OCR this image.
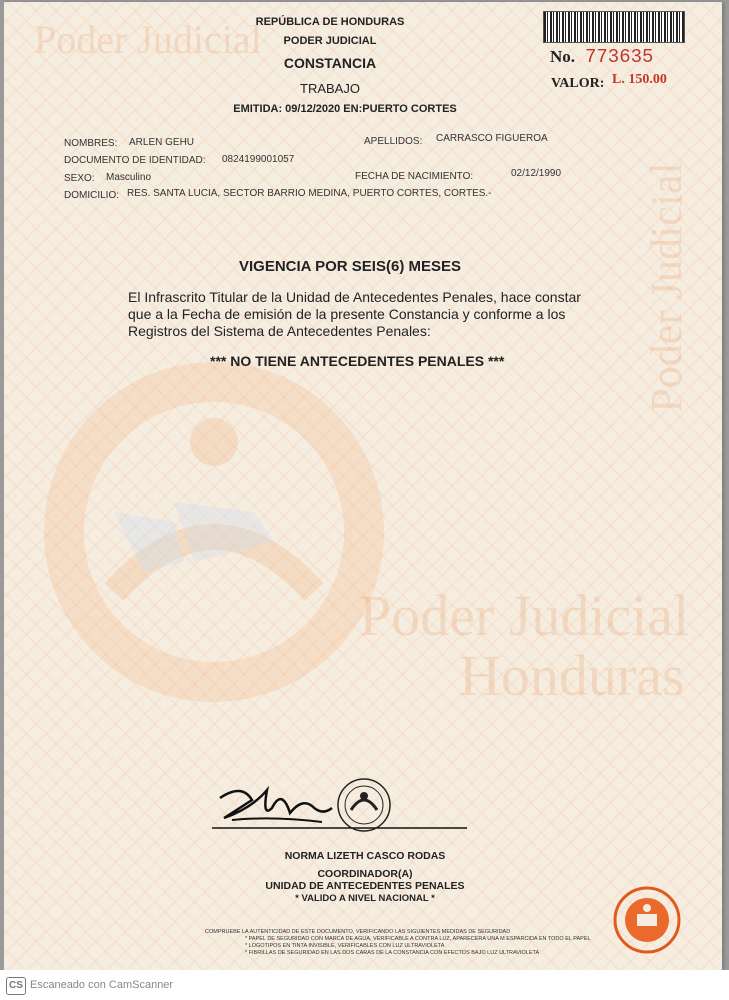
Poder Judicial
Poder Judicial
Poder Judicial
Honduras
REPÚBLICA DE HONDURAS
PODER JUDICIAL
CONSTANCIA
TRABAJO
EMITIDA: 09/12/2020 EN:PUERTO CORTES
No. 773635
VALOR: L. 150.00
NOMBRES: ARLEN GEHU	APELLIDOS: CARRASCO FIGUEROA
DOCUMENTO DE IDENTIDAD: 0824199001057
SEXO: Masculino	FECHA DE NACIMIENTO:	02/12/1990
DOMICILIO: RES. SANTA LUCIA, SECTOR BARRIO MEDINA, PUERTO CORTES, CORTES.-
VIGENCIA POR SEIS(6) MESES
El Infrascrito Titular de la Unidad de Antecedentes Penales, hace constar
que a la Fecha de emisión de la presente Constancia y conforme a los
Registros del Sistema de Antecedentes Penales:
*** NO TIENE ANTECEDENTES PENALES ***
NORMA LIZETH CASCO RODAS
COORDINADOR(A)
UNIDAD DE ANTECEDENTES PENALES
* VALIDO A NIVEL NACIONAL *
COMPRUEBE LA AUTENTICIDAD DE ESTE DOCUMENTO, VERIFICANDO LAS SIGUIENTES MEDIDAS DE SEGURIDAD
* PAPEL DE SEGURIDAD CON MARCA DE AGUA, VERIFICABLE A CONTRA LUZ, APARECERA UNA M ESPARCIDA EN TODO EL PAPEL
* LOGOTIPOS EN TINTA INVISIBLE, VERIFICABLES CON LUZ ULTRAVIOLETA
* FIBRILLAS DE SEGURIDAD EN LAS DOS CARAS DE LA CONSTANCIA CON EFECTOS BAJO LUZ ULTRAVIOLETA
CS Escaneado con CamScanner
